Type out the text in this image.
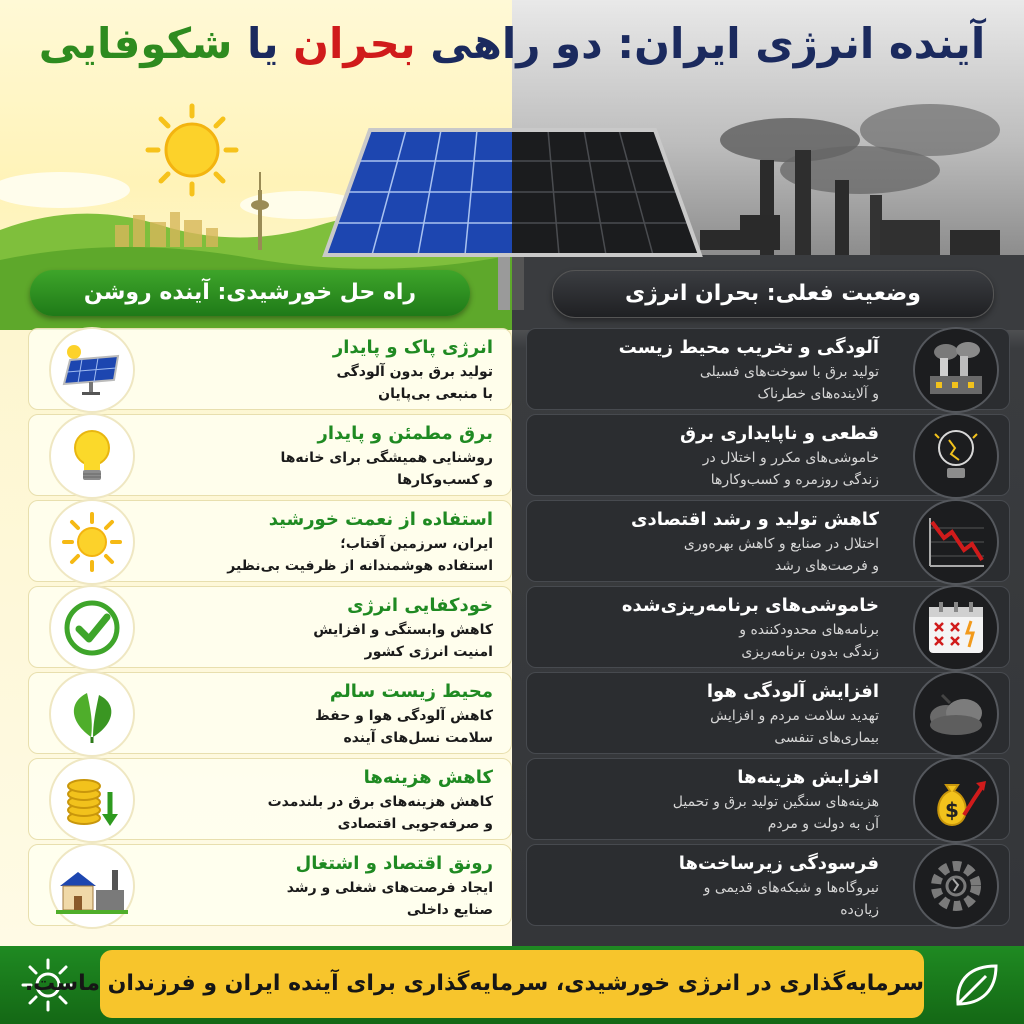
آینده انرژی ایران: دو راهی بحران یا شکوفایی
راه حل خورشیدی: آینده روشن	وضعیت فعلی: بحران انرژی
انرژی پاک و پایدار
تولید برق بدون آلودگی
با منبعی بی‌پایان
برق مطمئن و پایدار
روشنایی همیشگی برای خانه‌ها
و کسب‌وکارها
استفاده از نعمت خورشید
ایران، سرزمین آفتاب؛
استفاده هوشمندانه از ظرفیت بی‌نظیر
خودکفایی انرژی
کاهش وابستگی و افزایش
امنیت انرژی کشور
محیط زیست سالم
کاهش آلودگی هوا و حفظ
سلامت نسل‌های آینده
کاهش هزینه‌ها
کاهش هزینه‌های برق در بلندمدت
و صرفه‌جویی اقتصادی
رونق اقتصاد و اشتغال
ایجاد فرصت‌های شغلی و رشد
صنایع داخلی
آلودگی و تخریب محیط زیست
تولید برق با سوخت‌های فسیلی
و آلاینده‌های خطرناک
قطعی و ناپایداری برق
خاموشی‌های مکرر و اختلال در
زندگی روزمره و کسب‌وکارها
کاهش تولید و رشد اقتصادی
اختلال در صنایع و کاهش بهره‌وری
و فرصت‌های رشد
خاموشی‌های برنامه‌ریزی‌شده
برنامه‌های محدودکننده و
زندگی بدون برنامه‌ریزی
افزایش آلودگی هوا
تهدید سلامت مردم و افزایش
بیماری‌های تنفسی
$
افزایش هزینه‌ها
هزینه‌های سنگین تولید برق و تحمیل
آن به دولت و مردم
فرسودگی زیرساخت‌ها
نیروگاه‌ها و شبکه‌های قدیمی و
زیان‌ده
سرمایه‌گذاری در انرژی خورشیدی، سرمایه‌گذاری برای آینده ایران و فرزندان ماست.
